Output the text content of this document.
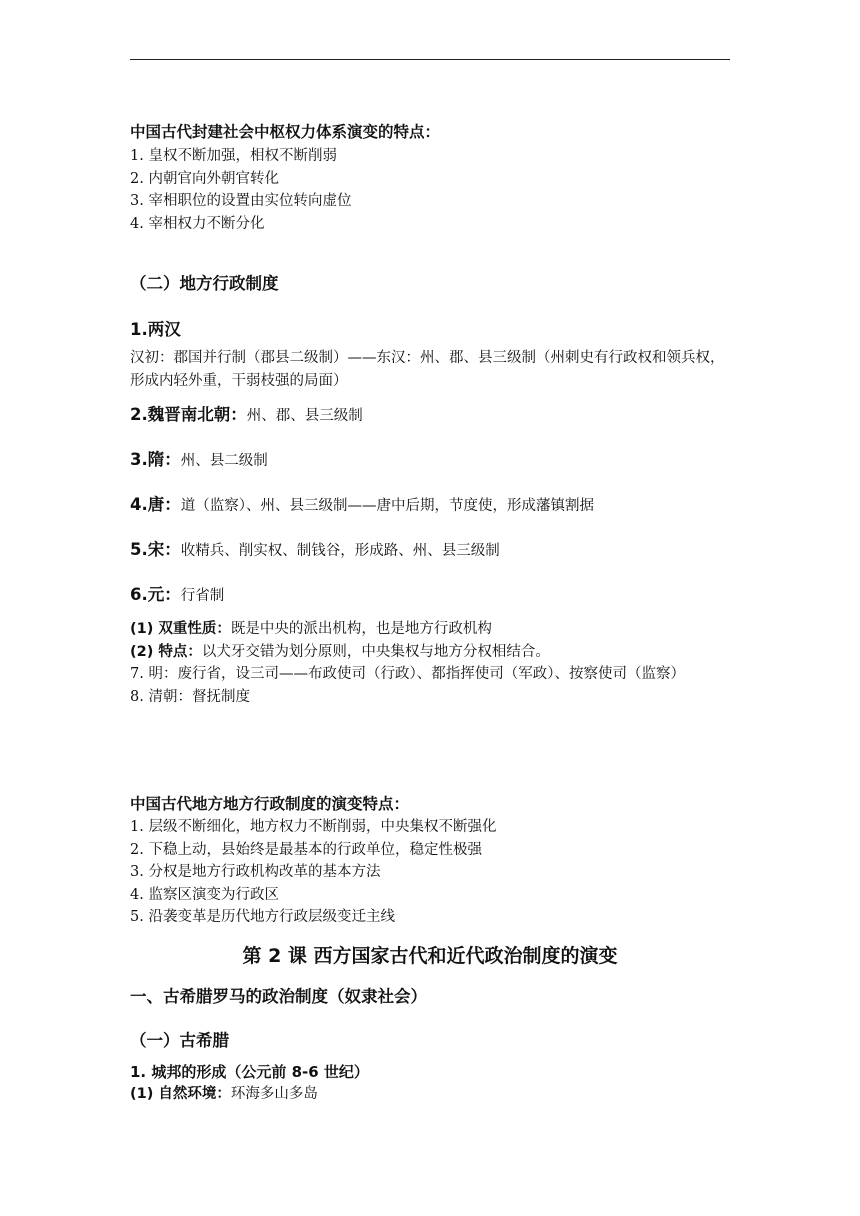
中国古代封建社会中枢权力体系演变的特点：
1. 皇权不断加强，相权不断削弱
2. 内朝官向外朝官转化
3. 宰相职位的设置由实位转向虚位
4. 宰相权力不断分化
（二）地方行政制度
1.两汉
汉初：郡国并行制（郡县二级制）——东汉：州、郡、县三级制（州刺史有行政权和领兵权，形成内轻外重，干弱枝强的局面）
2.魏晋南北朝：州、郡、县三级制
3.隋：州、县二级制
4.唐：道（监察）、州、县三级制——唐中后期，节度使，形成藩镇割据
5.宋：收精兵、削实权、制钱谷，形成路、州、县三级制
6.元：行省制
(1) 双重性质：既是中央的派出机构，也是地方行政机构
(2) 特点：以犬牙交错为划分原则，中央集权与地方分权相结合。
7. 明：废行省，设三司——布政使司（行政）、都指挥使司（军政）、按察使司（监察）
8. 清朝：督抚制度
中国古代地方地方行政制度的演变特点：
1. 层级不断细化，地方权力不断削弱，中央集权不断强化
2. 下稳上动，县始终是最基本的行政单位，稳定性极强
3. 分权是地方行政机构改革的基本方法
4. 监察区演变为行政区
5. 沿袭变革是历代地方行政层级变迁主线
第 2 课 西方国家古代和近代政治制度的演变
一、古希腊罗马的政治制度（奴隶社会）
（一）古希腊
1. 城邦的形成（公元前 8-6 世纪）
(1) 自然环境：环海多山多岛
